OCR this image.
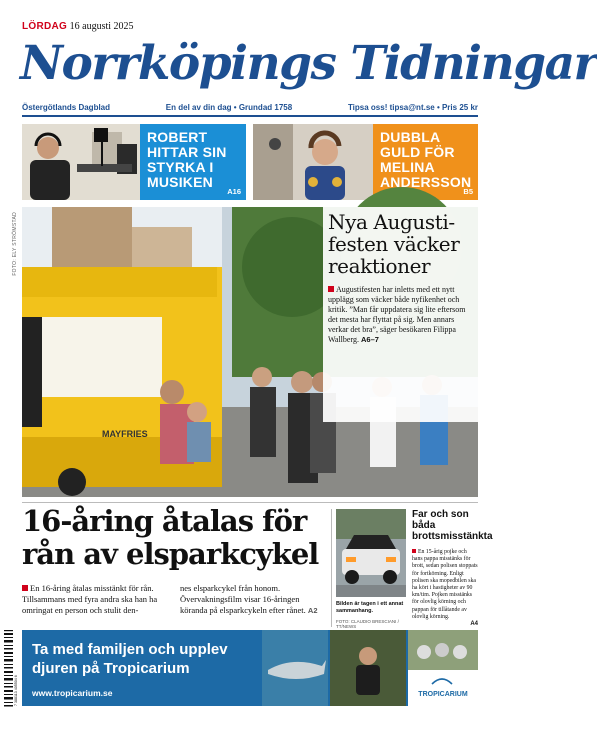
LÖRDAG 16 augusti 2025
Norrköpings Tidningar
Östergötlands Dagblad	En del av din dag • Grundad 1758	Tipsa oss! tipsa@nt.se • Pris 25 kr
ROBERT HITTAR SIN STYRKA I MUSIKEN
A16
DUBBLA GULD FÖR MELINA ANDERSSON
B5
FOTO: ELY STRÖMSTAD
MAYFRIES
Nya Augusti-festen väcker reaktioner
Augustifesten har inletts med ett nytt upplägg som väcker både nyfikenhet och kritik. ”Man får uppdatera sig lite eftersom det mesta har flyttat på sig. Men annars verkar det bra”, säger besökaren Filippa Wallberg. A6–7
16-åring åtalas för rån av elsparkcykel
En 16-åring åtalas misstänkt för rån. Tillsammans med fyra andra ska han ha omringat en person och stulit den-
nes elsparkcykel från honom. Övervakningsfilm visar 16-åringen köranda på elsparkcykeln efter rånet. A2
Bilden är tagen i ett annat sammanhang.
FOTO: CLAUDIO BRESCIANI / TT/NEWS
Far och son båda brottsmisstänkta
En 15-årig pojke och hans pappa misstänks för brott, sedan polisen stoppats för fortkörning. Enligt polisen ska mopedbilen ska ha kört i hastigheter av 90 km/tim. Pojken misstänks för olovlig körning och pappan för tillåtande av olovlig körning.
A4
7 388113 405504 6
Ta med familjen och upplev djuren på Tropicarium
www.tropicarium.se	TROPICARIUM
